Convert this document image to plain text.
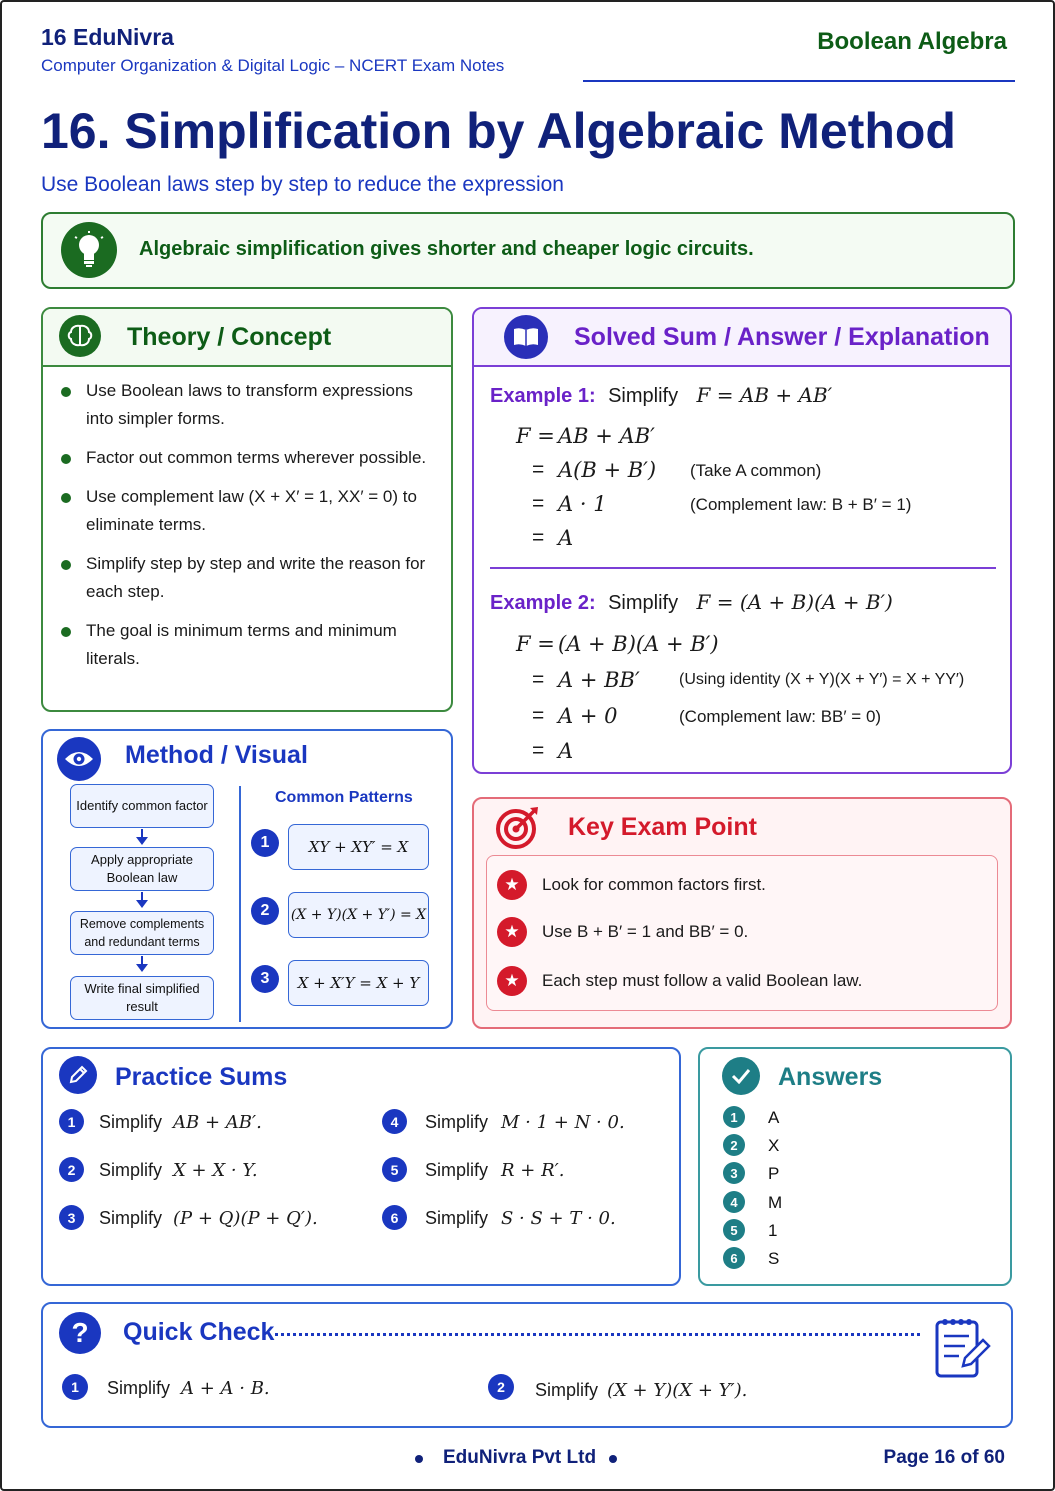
16 EduNivra
Computer Organization & Digital Logic – NCERT Exam Notes
Boolean Algebra
16. Simplification by Algebraic Method
Use Boolean laws step by step to reduce the expression
Algebraic simplification gives shorter and cheaper logic circuits.
Theory / Concept
Use Boolean laws to transform expressions into simpler forms.
Factor out common terms wherever possible.
Use complement law (X + X′ = 1, XX′ = 0) to eliminate terms.
Simplify step by step and write the reason for each step.
The goal is minimum terms and minimum literals.
Solved Sum / Answer / Explanation
Example 1: Simplify F = AB + AB′
F = AB + AB′
= A(B + B′) (Take A common)
= A · 1	(Complement law: B + B′ = 1)
= A
Example 2: Simplify F = (A + B)(A + B′)
F = (A + B)(A + B′)
= A + BB′ (Using identity (X + Y)(X + Y′) = X + YY′)
= A + 0	(Complement law: BB′ = 0)
= A
Method / Visual
Identify common factor
Apply appropriate Boolean law
Remove complements and redundant terms
Write final simplified result
Common Patterns
1	XY + XY′ = X
2	(X + Y)(X + Y′) = X
3	X + X′Y = X + Y
Key Exam Point
★	Look for common factors first.
★	Use B + B′ = 1 and BB′ = 0.
★	Each step must follow a valid Boolean law.
Practice Sums
1	Simplify AB + AB′.
2	Simplify X + X · Y.
3	Simplify (P + Q)(P + Q′).
4	Simplify M · 1 + N · 0.
5	Simplify R + R′.
6	Simplify S · S + T · 0.
Answers
1	A
2	X
3	P
4	M
5	1
6	S
?	Quick Check
1	Simplify A + A · B.	2	Simplify (X + Y)(X + Y′).
EduNivra Pvt Ltd	Page 16 of 60
